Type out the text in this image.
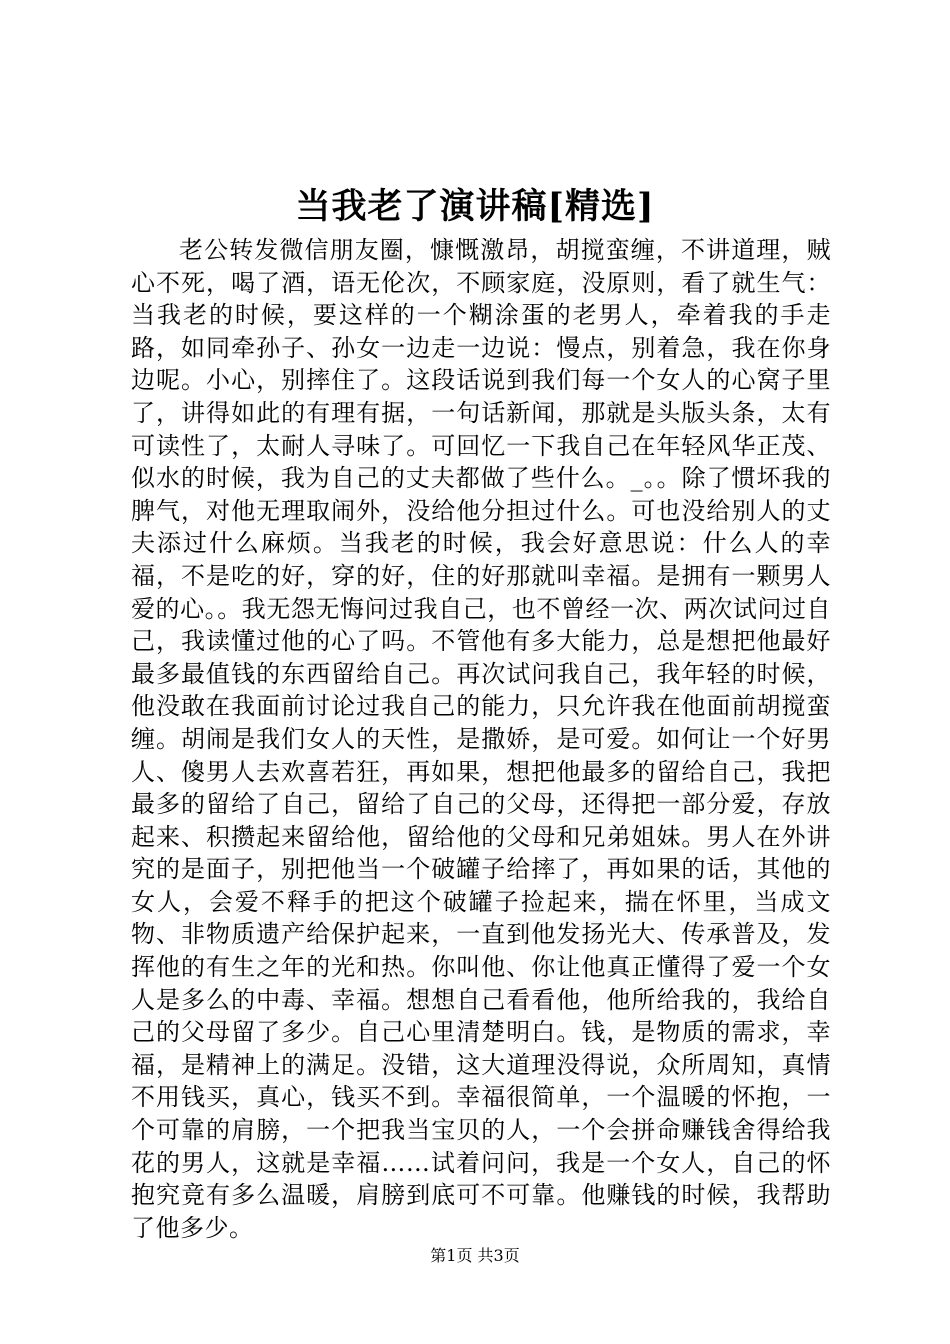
当我老了演讲稿[精选]

老公转发微信朋友圈，慷慨激昂，胡搅蛮缠，不讲道理，贼心不死，喝了酒，语无伦次，不顾家庭，没原则，看了就生气：当我老的时候，要这样的一个糊涂蛋的老男人，牵着我的手走路，如同牵孙子、孙女一边走一边说：慢点，别着急，我在你身边呢。小心，别摔住了。这段话说到我们每一个女人的心窝子里了，讲得如此的有理有据，一句话新闻，那就是头版头条，太有可读性了，太耐人寻味了。可回忆一下我自己在年轻风华正茂、似水的时候，我为自己的丈夫都做了些什么。_。。除了惯坏我的脾气，对他无理取闹外，没给他分担过什么。可也没给别人的丈夫添过什么麻烦。当我老的时候，我会好意思说：什么人的幸福，不是吃的好，穿的好，住的好那就叫幸福。是拥有一颗男人爱的心。。我无怨无悔问过我自己，也不曾经一次、两次试问过自己，我读懂过他的心了吗。不管他有多大能力，总是想把他最好最多最值钱的东西留给自己。再次试问我自己，我年轻的时候，他没敢在我面前讨论过我自己的能力，只允许我在他面前胡搅蛮缠。胡闹是我们女人的天性，是撒娇，是可爱。如何让一个好男人、傻男人去欢喜若狂，再如果，想把他最多的留给自己，我把最多的留给了自己，留给了自己的父母，还得把一部分爱，存放起来、积攒起来留给他，留给他的父母和兄弟姐妹。男人在外讲究的是面子，别把他当一个破罐子给摔了，再如果的话，其他的女人，会爱不释手的把这个破罐子捡起来，揣在怀里，当成文物、非物质遗产给保护起来，一直到他发扬光大、传承普及，发挥他的有生之年的光和热。你叫他、你让他真正懂得了爱一个女人是多么的中毒、幸福。想想自己看看他，他所给我的，我给自己的父母留了多少。自己心里清楚明白。钱，是物质的需求，幸福，是精神上的满足。没错，这大道理没得说，众所周知，真情不用钱买，真心，钱买不到。幸福很简单，一个温暖的怀抱，一个可靠的肩膀，一个把我当宝贝的人，一个会拼命赚钱舍得给我花的男人，这就是幸福……试着问问，我是一个女人，自己的怀抱究竟有多么温暖，肩膀到底可不可靠。他赚钱的时候，我帮助了他多少。

第1页 共3页
